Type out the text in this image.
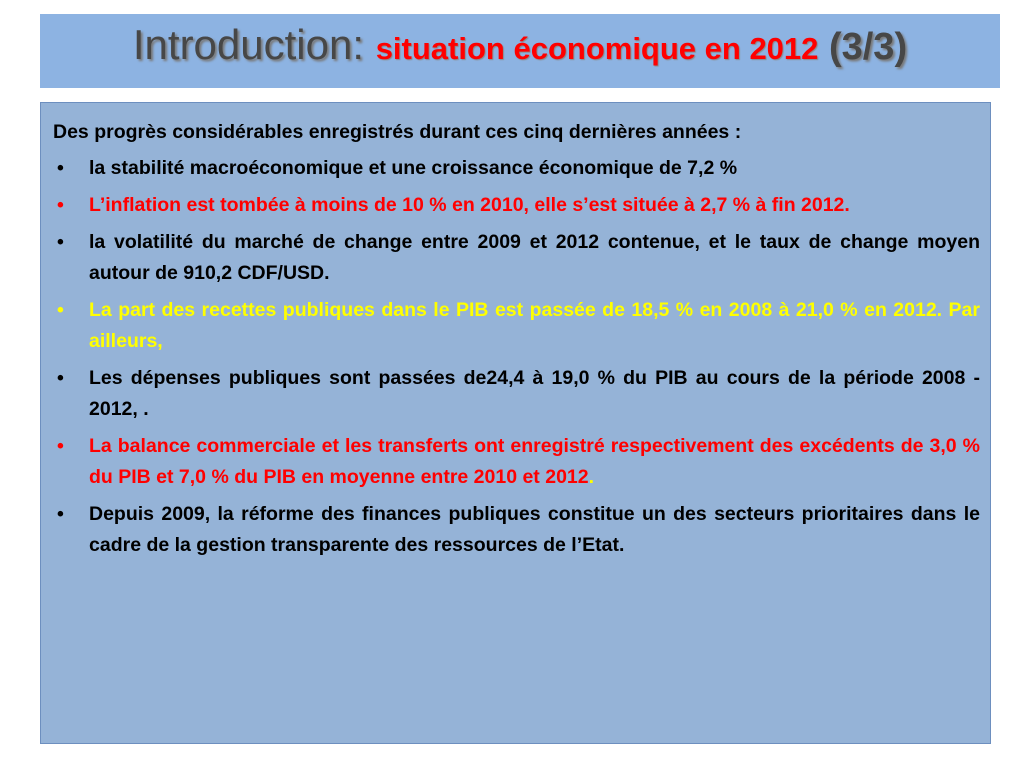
Introduction: situation économique en 2012 (3/3)
Des progrès considérables enregistrés durant ces cinq dernières années :
• la stabilité macroéconomique et une croissance économique de 7,2 %
• L’inflation est tombée à moins de 10 % en 2010, elle s’est située à 2,7 % à fin 2012.
• la volatilité du marché de change entre 2009 et 2012 contenue, et le taux de change moyen autour de 910,2 CDF/USD.
• La part des recettes publiques dans le PIB est passée de 18,5 % en 2008 à 21,0 % en 2012. Par ailleurs,
• Les dépenses publiques sont passées de24,4 à 19,0 % du PIB au cours de la période 2008 - 2012, .
• La balance commerciale et les transferts ont enregistré respectivement des excédents de 3,0 % du PIB et 7,0 % du PIB en moyenne entre 2010 et 2012.
• Depuis 2009, la réforme des finances publiques constitue un des secteurs prioritaires dans le cadre de la gestion transparente des ressources de l’Etat.
